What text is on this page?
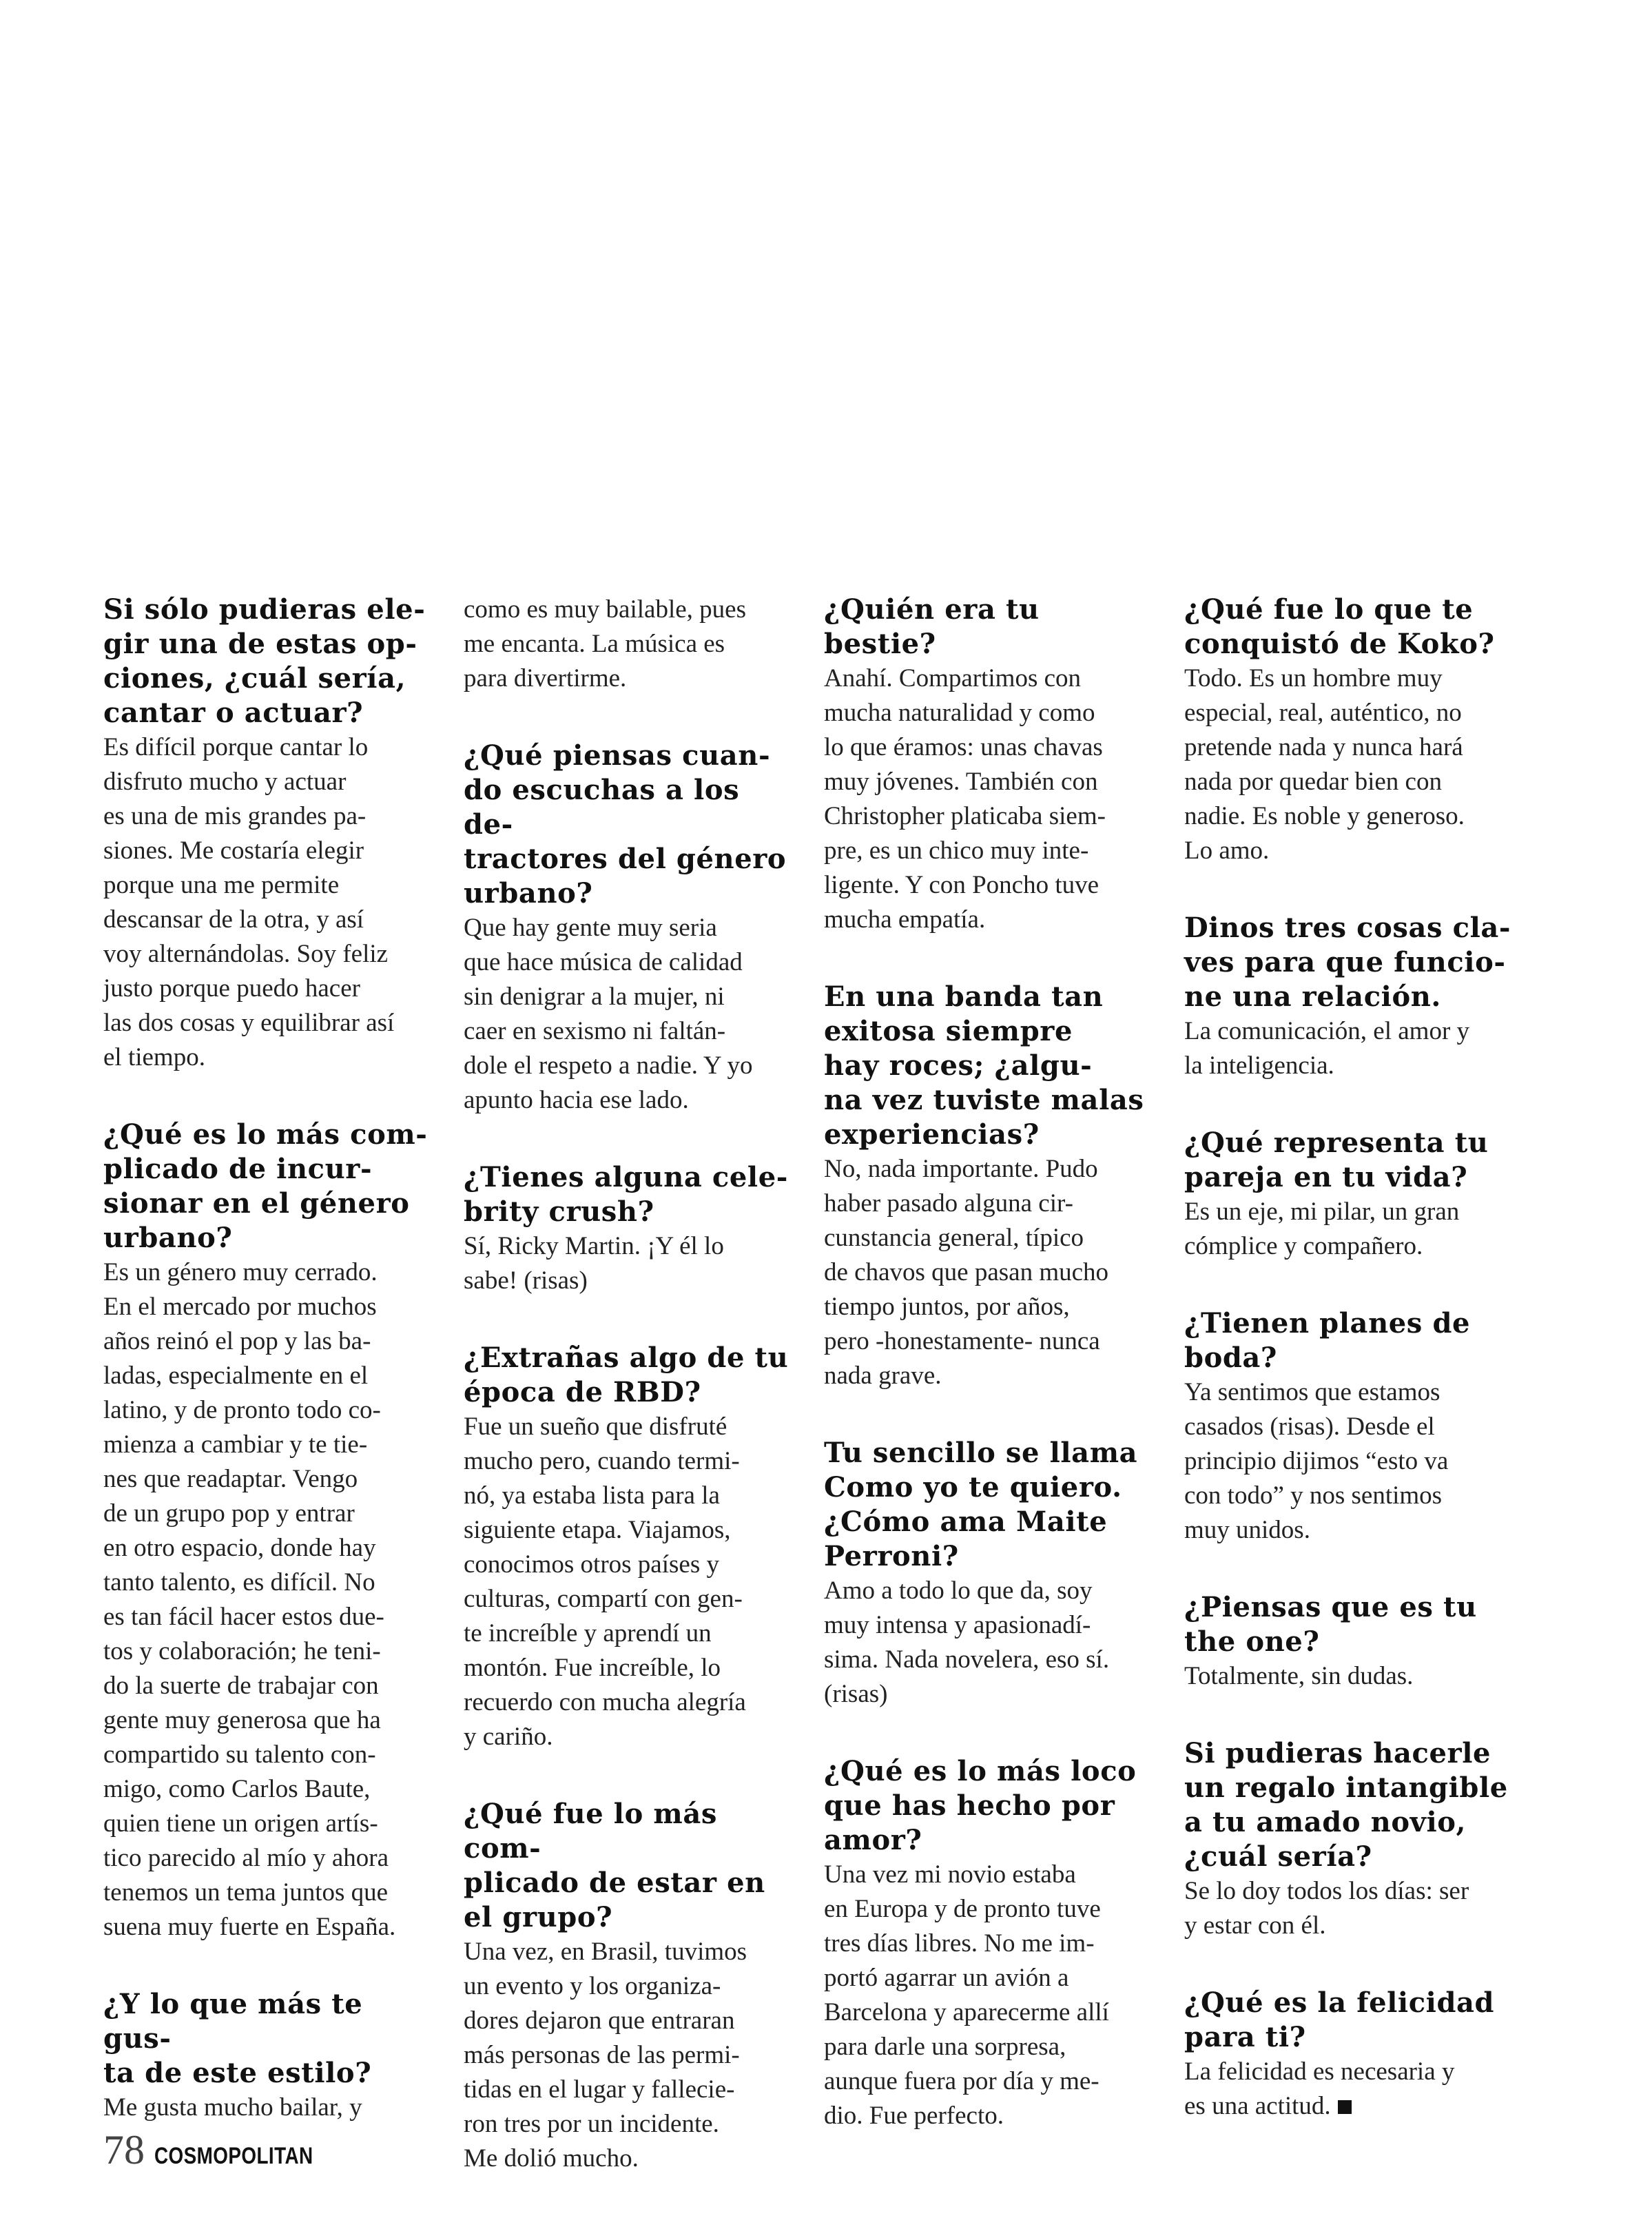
Si sólo pudieras ele-
gir una de estas op-
ciones, ¿cuál sería,
cantar o actuar?

Es difícil porque cantar lo
disfruto mucho y actuar
es una de mis grandes pa-
siones. Me costaría elegir
porque una me permite
descansar de la otra, y así
voy alternándolas. Soy feliz
justo porque puedo hacer
las dos cosas y equilibrar así
el tiempo.

¿Qué es lo más com-
plicado de incur-
sionar en el género
urbano?

Es un género muy cerrado.
En el mercado por muchos
años reinó el pop y las ba-
ladas, especialmente en el
latino, y de pronto todo co-
mienza a cambiar y te tie-
nes que readaptar. Vengo
de un grupo pop y entrar
en otro espacio, donde hay
tanto talento, es difícil. No
es tan fácil hacer estos due-
tos y colaboración; he teni-
do la suerte de trabajar con
gente muy generosa que ha
compartido su talento con-
migo, como Carlos Baute,
quien tiene un origen artís-
tico parecido al mío y ahora
tenemos un tema juntos que
suena muy fuerte en España.

¿Y lo que más te gus-
ta de este estilo?

Me gusta mucho bailar, y

como es muy bailable, pues
me encanta. La música es
para divertirme.

¿Qué piensas cuan-
do escuchas a los de-
tractores del género
urbano?

Que hay gente muy seria
que hace música de calidad
sin denigrar a la mujer, ni
caer en sexismo ni faltán-
dole el respeto a nadie. Y yo
apunto hacia ese lado.

¿Tienes alguna cele-
brity crush?

Sí, Ricky Martin. ¡Y él lo
sabe! (risas)

¿Extrañas algo de tu
época de RBD?

Fue un sueño que disfruté
mucho pero, cuando termi-
nó, ya estaba lista para la
siguiente etapa. Viajamos,
conocimos otros países y
culturas, compartí con gen-
te increíble y aprendí un
montón. Fue increíble, lo
recuerdo con mucha alegría
y cariño.

¿Qué fue lo más com-
plicado de estar en
el grupo?

Una vez, en Brasil, tuvimos
un evento y los organiza-
dores dejaron que entraran
más personas de las permi-
tidas en el lugar y fallecie-
ron tres por un incidente.
Me dolió mucho.

¿Quién era tu bestie?

Anahí. Compartimos con
mucha naturalidad y como
lo que éramos: unas chavas
muy jóvenes. También con
Christopher platicaba siem-
pre, es un chico muy inte-
ligente. Y con Poncho tuve
mucha empatía.

En una banda tan
exitosa siempre
hay roces; ¿algu-
na vez tuviste malas
experiencias?

No, nada importante. Pudo
haber pasado alguna cir-
cunstancia general, típico
de chavos que pasan mucho
tiempo juntos, por años,
pero -honestamente- nunca
nada grave.

Tu sencillo se llama
Como yo te quiero.
¿Cómo ama Maite
Perroni?

Amo a todo lo que da, soy
muy intensa y apasionadí-
sima. Nada novelera, eso sí.
(risas)

¿Qué es lo más loco
que has hecho por
amor?

Una vez mi novio estaba
en Europa y de pronto tuve
tres días libres. No me im-
portó agarrar un avión a
Barcelona y aparecerme allí
para darle una sorpresa,
aunque fuera por día y me-
dio. Fue perfecto.

¿Qué fue lo que te
conquistó de Koko?

Todo. Es un hombre muy
especial, real, auténtico, no
pretende nada y nunca hará
nada por quedar bien con
nadie. Es noble y generoso.
Lo amo.

Dinos tres cosas cla-
ves para que funcio-
ne una relación.

La comunicación, el amor y
la inteligencia.

¿Qué representa tu
pareja en tu vida?

Es un eje, mi pilar, un gran
cómplice y compañero.

¿Tienen planes de
boda?

Ya sentimos que estamos
casados (risas). Desde el
principio dijimos “esto va
con todo” y nos sentimos
muy unidos.

¿Piensas que es tu
the one?

Totalmente, sin dudas.

Si pudieras hacerle
un regalo intangible
a tu amado novio,
¿cuál sería?

Se lo doy todos los días: ser
y estar con él.

¿Qué es la felicidad
para ti?

La felicidad es necesaria y
es una actitud.

78 COSMOPOLITAN
